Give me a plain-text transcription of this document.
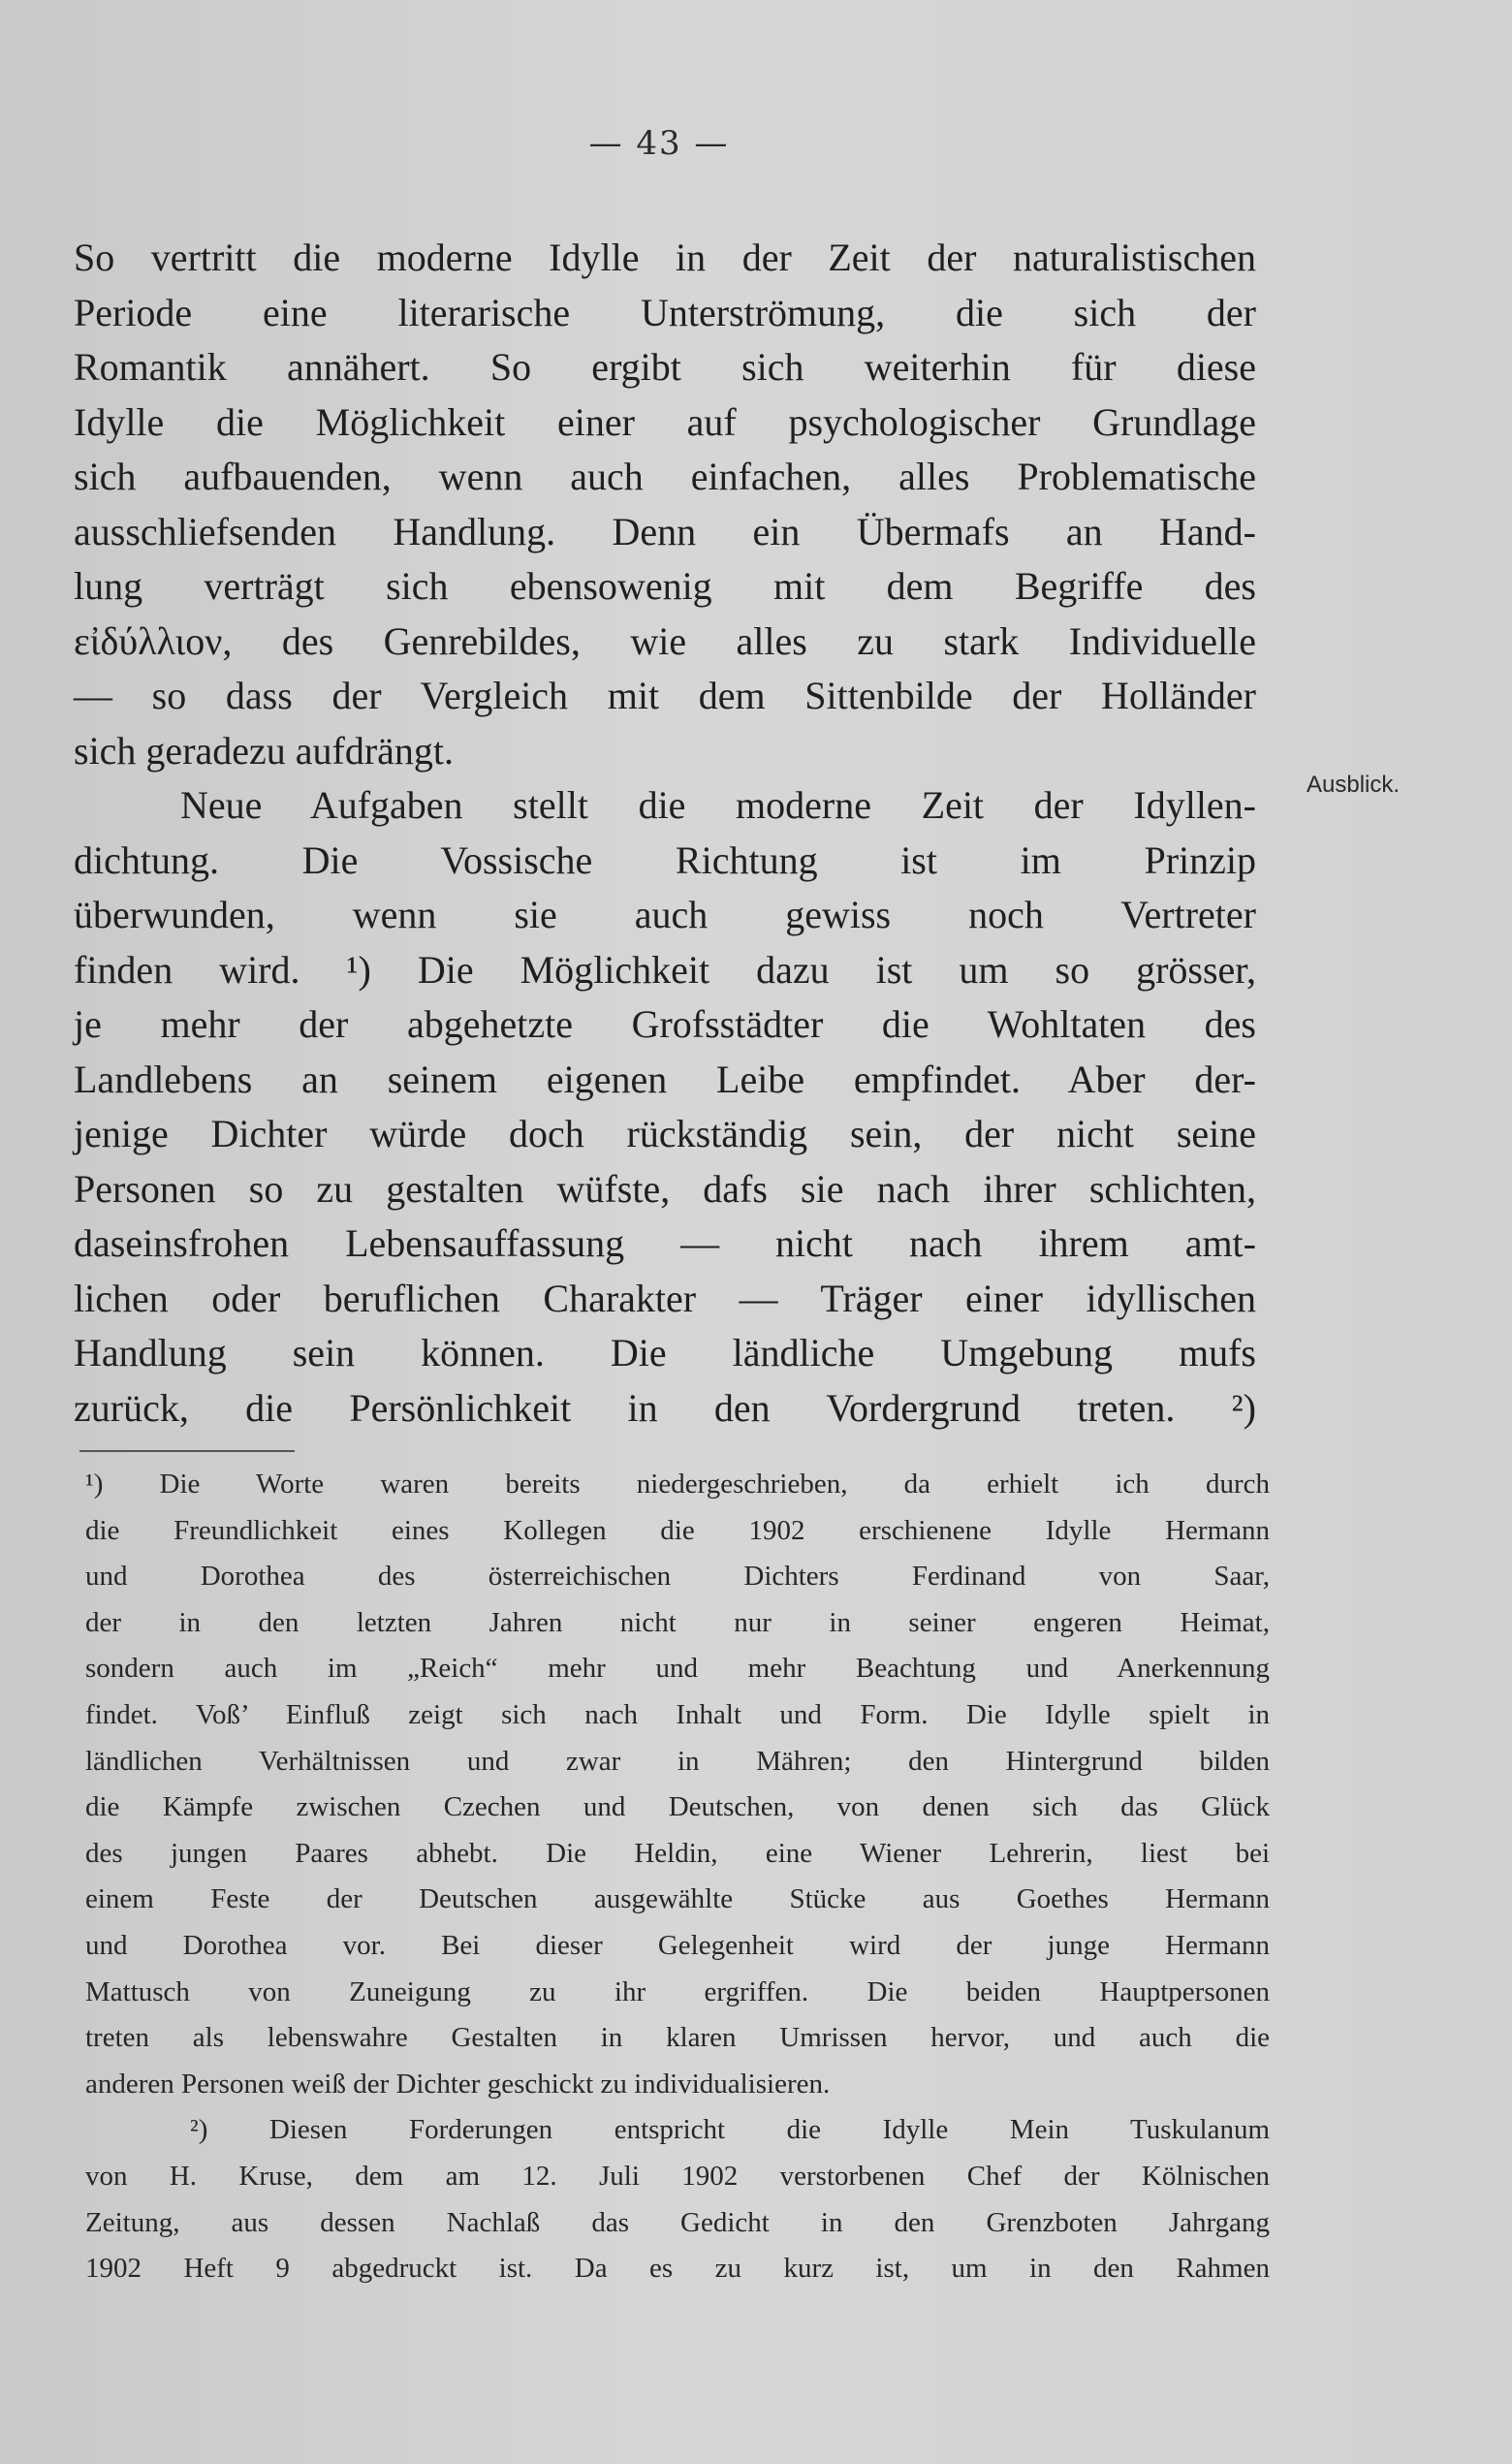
— 43 —
So vertritt die moderne Idylle in der Zeit der naturalistischen
Periode eine literarische Unterströmung, die sich der
Romantik annähert. So ergibt sich weiterhin für diese
Idylle die Möglichkeit einer auf psychologischer Grundlage
sich aufbauenden, wenn auch einfachen, alles Problematische
ausschliefsenden Handlung. Denn ein Übermafs an Hand-
lung verträgt sich ebensowenig mit dem Begriffe des
εἰδύλλιον, des Genrebildes, wie alles zu stark Individuelle
— so dass der Vergleich mit dem Sittenbilde der Holländer
sich geradezu aufdrängt.
Neue Aufgaben stellt die moderne Zeit der Idyllen-
dichtung. Die Vossische Richtung ist im Prinzip
überwunden, wenn sie auch gewiss noch Vertreter
finden wird. ¹) Die Möglichkeit dazu ist um so grösser,
je mehr der abgehetzte Grofsstädter die Wohltaten des
Landlebens an seinem eigenen Leibe empfindet. Aber der-
jenige Dichter würde doch rückständig sein, der nicht seine
Personen so zu gestalten wüfste, dafs sie nach ihrer schlichten,
daseinsfrohen Lebensauffassung — nicht nach ihrem amt-
lichen oder beruflichen Charakter — Träger einer idyllischen
Handlung sein können. Die ländliche Umgebung mufs
zurück, die Persönlichkeit in den Vordergrund treten. ²)
Ausblick.
¹) Die Worte waren bereits niedergeschrieben, da erhielt ich durch
die Freundlichkeit eines Kollegen die 1902 erschienene Idylle Hermann
und Dorothea des österreichischen Dichters Ferdinand von Saar,
der in den letzten Jahren nicht nur in seiner engeren Heimat,
sondern auch im „Reich“ mehr und mehr Beachtung und Anerkennung
findet. Voß’ Einfluß zeigt sich nach Inhalt und Form. Die Idylle spielt in
ländlichen Verhältnissen und zwar in Mähren; den Hintergrund bilden
die Kämpfe zwischen Czechen und Deutschen, von denen sich das Glück
des jungen Paares abhebt. Die Heldin, eine Wiener Lehrerin, liest bei
einem Feste der Deutschen ausgewählte Stücke aus Goethes Hermann
und Dorothea vor. Bei dieser Gelegenheit wird der junge Hermann
Mattusch von Zuneigung zu ihr ergriffen. Die beiden Hauptpersonen
treten als lebenswahre Gestalten in klaren Umrissen hervor, und auch die
anderen Personen weiß der Dichter geschickt zu individualisieren.
²) Diesen Forderungen entspricht die Idylle Mein Tuskulanum
von H. Kruse, dem am 12. Juli 1902 verstorbenen Chef der Kölnischen
Zeitung, aus dessen Nachlaß das Gedicht in den Grenzboten Jahrgang
1902 Heft 9 abgedruckt ist. Da es zu kurz ist, um in den Rahmen
